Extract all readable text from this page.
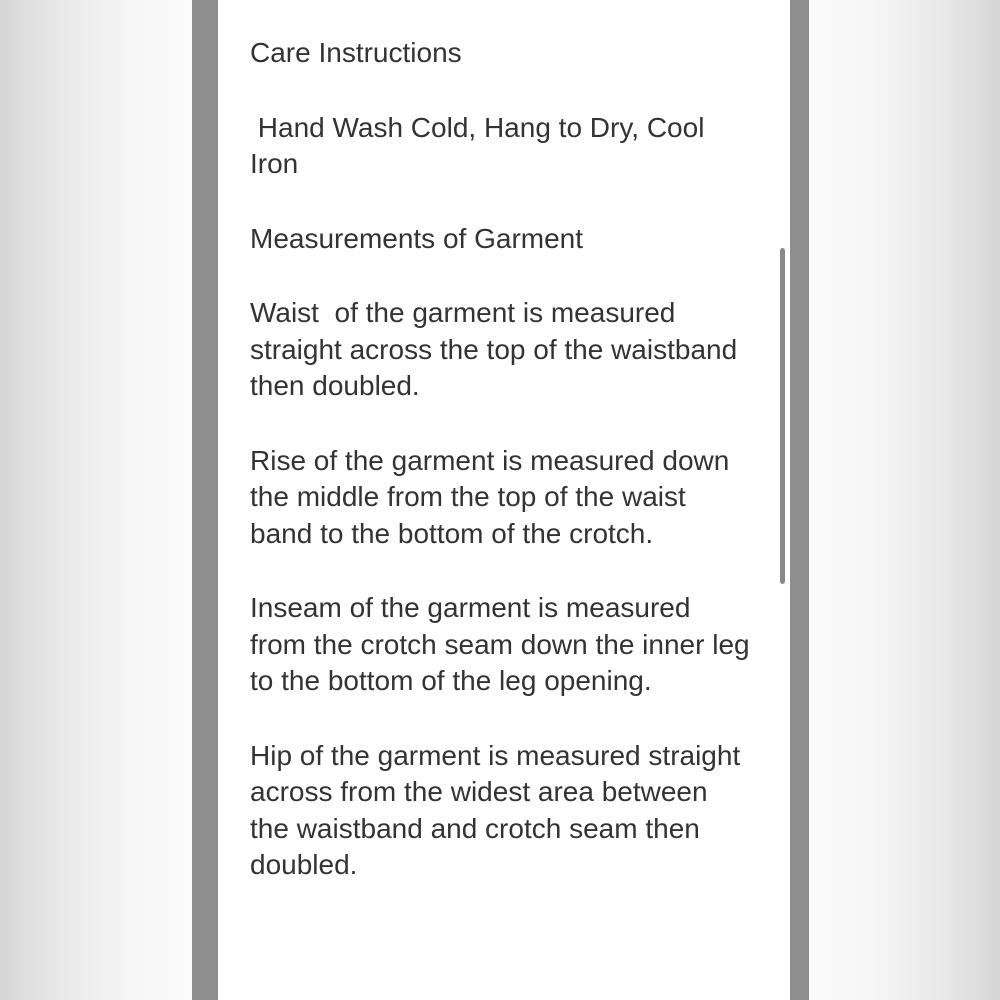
Care Instructions

Hand Wash Cold, Hang to Dry, Cool Iron

Measurements of Garment

Waist  of the garment is measured straight across the top of the waistband then doubled.

Rise of the garment is measured down the middle from the top of the waist band to the bottom of the crotch.

Inseam of the garment is measured from the crotch seam down the inner leg to the bottom of the leg opening.

Hip of the garment is measured straight across from the widest area between the waistband and crotch seam then doubled.
